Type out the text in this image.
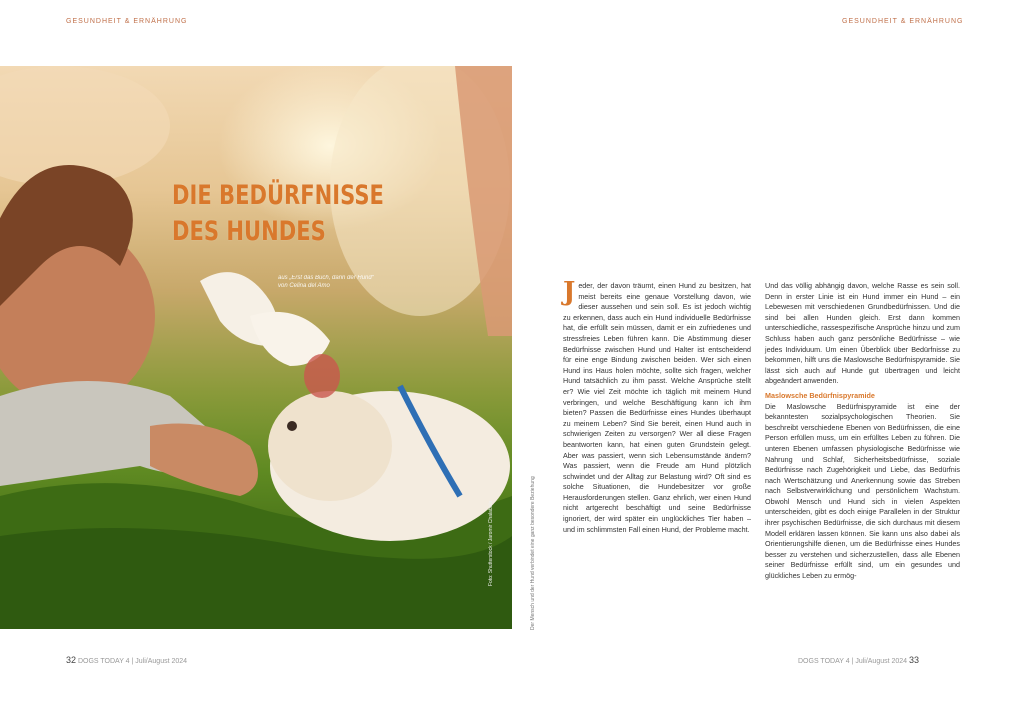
GESUNDHEIT & ERNÄHRUNG	GESUNDHEIT & ERNÄHRUNG
DIE BEDÜRFNISSE
DES HUNDES
aus „Erst das Buch, dann der Hund“
von Celina del Amo
Foto: Shutterstock / Jaromir Chalabala	Der Mensch und der Hund verbindet eine ganz besondere Beziehung
J eder, der davon träumt, einen Hund zu besitzen, hat meist bereits eine genaue Vorstellung davon, wie dieser aussehen und sein soll. Es ist jedoch wichtig zu erkennen, dass auch ein Hund individuelle Bedürfnisse hat, die erfüllt sein müssen, damit er ein zufriedenes und stressfreies Leben führen kann. Die Abstimmung dieser Bedürfnisse zwischen Hund und Halter ist entscheidend für eine enge Bindung zwischen beiden. Wer sich einen Hund ins Haus holen möchte, sollte sich fragen, welcher Hund tatsächlich zu ihm passt. Welche Ansprüche stellt er? Wie viel Zeit möchte ich täglich mit meinem Hund verbringen, und welche Beschäftigung kann ich ihm bieten? Passen die Bedürfnisse eines Hundes überhaupt zu meinem Leben? Sind Sie bereit, einen Hund auch in schwierigen Zeiten zu versorgen? Wer all diese Fragen beantworten kann, hat einen guten Grundstein gelegt. Aber was passiert, wenn sich Lebensumstände ändern? Was passiert, wenn die Freude am Hund plötzlich schwindet und der Alltag zur Belastung wird? Oft sind es solche Situationen, die Hundebesitzer vor große Herausforderungen stellen. Ganz ehrlich, wer einen Hund nicht artgerecht beschäftigt und seine Bedürfnisse ignoriert, der wird später ein unglückliches Tier haben – und im schlimmsten Fall einen Hund, der Probleme macht.
Und das völlig abhängig davon, welche Rasse es sein soll. Denn in erster Linie ist ein Hund immer ein Hund – ein Lebewesen mit verschiedenen Grundbedürfnissen. Und die sind bei allen Hunden gleich. Erst dann kommen unterschiedliche, rassespezifische Ansprüche hinzu und zum Schluss haben auch ganz persönliche Bedürfnisse – wie jedes Individuum. Um einen Überblick über Bedürfnisse zu bekommen, hilft uns die Maslowsche Bedürfnispyramide. Sie lässt sich auch auf Hunde gut übertragen und leicht abgeändert anwenden.
Maslowsche Bedürfnispyramide
Die Maslowsche Bedürfnispyramide ist eine der bekanntesten sozialpsychologischen Theorien. Sie beschreibt verschiedene Ebenen von Bedürfnissen, die eine Person erfüllen muss, um ein erfülltes Leben zu führen. Die unteren Ebenen umfassen physiologische Bedürfnisse wie Nahrung und Schlaf, Sicherheitsbedürfnisse, soziale Bedürfnisse nach Zugehörigkeit und Liebe, das Bedürfnis nach Wertschätzung und Anerkennung sowie das Streben nach Selbstverwirklichung und persönlichem Wachstum. Obwohl Mensch und Hund sich in vielen Aspekten unterscheiden, gibt es doch einige Parallelen in der Struktur ihrer psychischen Bedürfnisse, die sich durchaus mit diesem Modell erklären lassen können. Sie kann uns also dabei als Orientierungshilfe dienen, um die Bedürfnisse eines Hundes besser zu verstehen und sicherzustellen, dass alle Ebenen seiner Bedürfnisse erfüllt sind, um ein gesundes und glückliches Leben zu ermög-
32 DOGS TODAY 4 | Juli/August 2024	DOGS TODAY 4 | Juli/August 2024 33
